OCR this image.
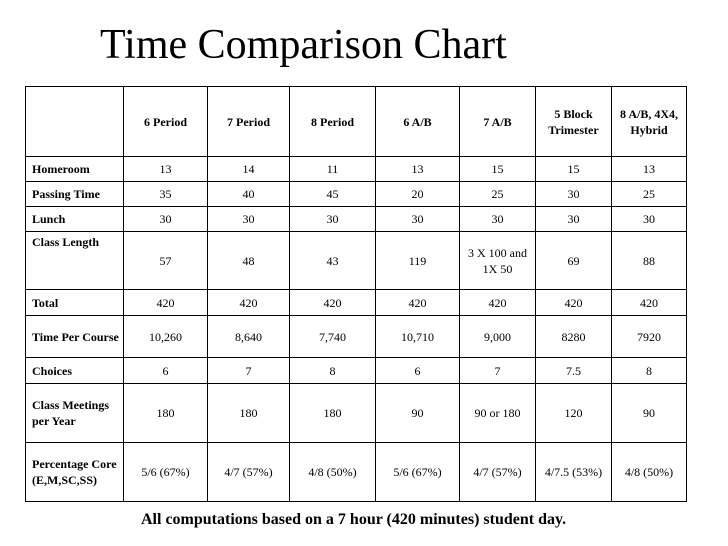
Time Comparison Chart
	6 Period	7 Period	8 Period	6 A/B	7 A/B	5 Block Trimester	8 A/B, 4X4, Hybrid
Homeroom	13	14	11	13	15	15	13
Passing Time	35	40	45	20	25	30	25
Lunch	30	30	30	30	30	30	30
Class Length	57	48	43	119	3 X 100 and 1X 50	69	88
Total	420	420	420	420	420	420	420
Time Per Course	10,260	8,640	7,740	10,710	9,000	8280	7920
Choices	6	7	8	6	7	7.5	8
Class Meetings per Year	180	180	180	90	90 or 180	120	90
Percentage Core (E,M,SC,SS)	5/6 (67%)	4/7 (57%)	4/8 (50%)	5/6 (67%)	4/7 (57%)	4/7.5 (53%)	4/8 (50%)
All computations based on a 7 hour (420 minutes) student day.
